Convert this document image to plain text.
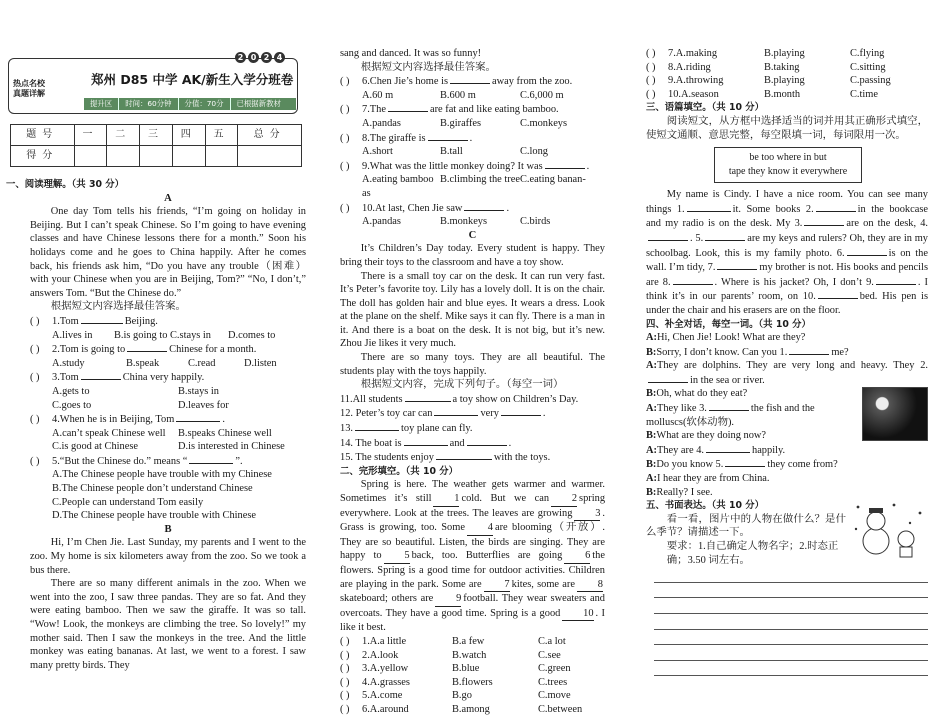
2 0 2 4
热点名校
真题详解
郑州 D85 中学 AK/新生入学分班卷
提升区	时间：60分钟	分值：70分	已根据新教材
题号	一	二	三	四	五	总分
得分						
一、阅读理解。（共 30 分）
A
One day Tom tells his friends, “I’m going on holiday in Beijing. But I can’t speak Chinese. So I’m going to have evening classes and have Chinese lessons there for a month.” Soon his holidays come and he goes to China happily. After he comes back, his friends ask him, “Do you have any trouble（困难）with your Chinese when you are in Beijing, Tom?” “No, I don’t,” answers Tom. “But the Chinese do.”
根据短文内容选择最佳答案。
( )	1.Tom	Beijing.
A.lives in	B.is going to C.stays in	D.comes to
( )	2.Tom is going to	Chinese for a month.
A.study	B.speak	C.read	D.listen
( )	3.Tom	China very happily.
A.gets to	B.stays in
C.goes to	D.leaves for
( )	4.When he is in Beijing, Tom	.
A.can’t speak Chinese well	B.speaks Chinese well
C.is good at Chinese	D.is interested in Chinese
( )	5.“But the Chinese do.” means “	”.
A.The Chinese people have trouble with my Chinese
B.The Chinese people don’t understand Chinese
C.People can understand Tom easily
D.The Chinese people have trouble with Chinese
B
Hi, I’m Chen Jie. Last Sunday, my parents and I went to the zoo. My home is six kilometers away from the zoo. So we took a bus there.
There are so many different animals in the zoo. When we went into the zoo, I saw three pandas. They are so fat. And they were eating bamboo. Then we saw the giraffe. It was so tall. “Wow! Look, the monkeys are climbing the tree. So lovely!” my mother said. Then I saw the monkeys in the tree. And the little monkey was eating bananas. At last, we went to a forest. I saw many pretty birds. They
sang and danced. It was so funny!
根据短文内容选择最佳答案。
( )	6.Chen Jie’s home is	away from the zoo.
A.60 m	B.600 m	C.6,000 m
( )	7.The	are fat and like eating bamboo.
A.pandas	B.giraffes	C.monkeys
( )	8.The giraffe is	.
A.short	B.tall	C.long
( )	9.What was the little monkey doing? It was	.
A.eating bamboo B.climbing the tree C.eating banan-
as
( )	10.At last, Chen Jie saw	.
A.pandas	B.monkeys	C.birds
C
It’s Children’s Day today. Every student is happy. They bring their toys to the classroom and have a toy show.
There is a small toy car on the desk. It can run very fast. It’s Peter’s favorite toy. Lily has a lovely doll. It is on the chair. The doll has golden hair and blue eyes. It wears a dress. Look at the plane on the shelf. Mike says it can fly. There is a man in it. And there is a boat on the desk. It is not big, but it’s new. Zhou Jie likes it very much.
There are so many toys. They are all beautiful. The students play with the toys happily.
根据短文内容，完成下列句子。（每空一词）
11.All students	a toy show on Children’s Day.
12. Peter’s toy car can	very	.
13.	toy plane can fly.
14. The boat is	and	.
15. The students enjoy	with the toys.
二、完形填空。（共 10 分）
Spring is here. The weather gets warmer and warmer. Sometimes it’s still 1 cold. But we can 2 spring everywhere. Look at the trees. The leaves are growing 3 . Grass is growing, too. Some 4 are blooming（开放）. They are so beautiful. Listen, the birds are singing. They are happy to 5 back, too. Butterflies are going 6 the flowers. Spring is a good time for outdoor activities. Children are playing in the park. Some are 7 kites, some are 8skateboard; others are 9 football. They wear sweaters and overcoats. They have a good time. Spring is a good 10 . I like it best.
( )	1.A.a little	B.a few	C.a lot
( )	2.A.look	B.watch	C.see
( )	3.A.yellow	B.blue	C.green
( )	4.A.grasses	B.flowers	C.trees
( )	5.A.come	B.go	C.move
( )	6.A.around	B.among	C.between
( )	7.A.making	B.playing	C.flying
( )	8.A.riding	B.taking	C.sitting
( )	9.A.throwing	B.playing	C.passing
( )	10.A.season	B.month	C.time
三、语篇填空。（共 10 分）
阅读短文，从方框中选择适当的词并用其正确形式填空，使短文通顺、意思完整，每空限填一词，每词限用一次。
be too where in but
tape they know it everywhere
My name is Cindy. I have a nice room. You can see many things 1.	it. Some books 2.	in the bookcase and my radio is on the desk. My 3.	are on the desk, 4.. 5.	are my keys and rulers? Oh, they are in my schoolbag. Look, this is my family photo. 6.	is on the wall. I’m tidy, 7.	my brother is not. His books and pencils are 8.	. Where is his jacket? Oh, I don’t 9.	. I think it’s in our parents’ room, on 10.	bed. His pen is under the chair and his erasers are on the floor.
四、补全对话，每空一词。（共 10 分）
A:Hi, Chen Jie! Look! What are they?
B:Sorry, I don’t know. Can you 1.	me?
A:They are dolphins. They are very long and heavy. They 2.in the sea or river.
B:Oh, what do they eat?
A:They like 3.	the fish and the molluscs(软体动物).
B:What are they doing now?
A:They are 4.	happily.
B:Do you know 5.	they come from?
A:I hear they are from China.
B:Really? I see.
五、书面表达。（共 10 分）
看一看，图片中的人物在做什么？是什么季节？请描述一下。
要求：1.自己确定人物名字；2.时态正确；3.50 词左右。
